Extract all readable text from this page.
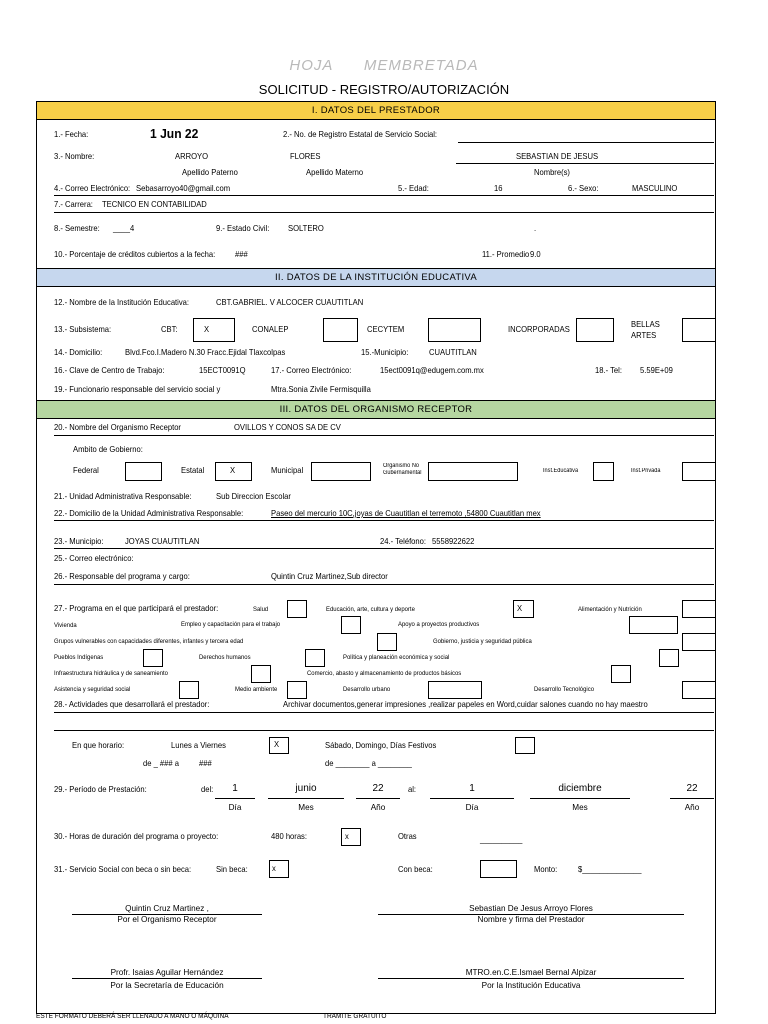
HOJA      MEMBRETADA
SOLICITUD - REGISTRO/AUTORIZACIÓN
I. DATOS DEL PRESTADOR
II. DATOS DE LA INSTITUCIÓN EDUCATIVA
III. DATOS DEL ORGANISMO RECEPTOR
1.- Fecha:	1 Jun 22	2.- No. de Registro Estatal de Servicio Social:
3.- Nombre:	ARROYO	FLORES	SEBASTIAN DE JESUS
Apellido Paterno	Apellido Materno	Nombre(s)
4.- Correo Electrónico: Sebasarroyo40@gmail.com	5.- Edad:	16	6.- Sexo:	MASCULINO
7.- Carrera: TECNICO EN CONTABILIDAD
8.- Semestre: ____4	9.- Estado Civil: SOLTERO	.
10.- Porcentaje de créditos cubiertos a la fecha: ###	11.- Promedio 9.0
12.- Nombre de la Institución Educativa:	CBT.GABRIEL. V ALCOCER CUAUTITLAN
13.- Subsistema:	CBT:	X	CONALEP	CECYTEM	INCORPORADAS
BELLAS
ARTES
14.- Domicilio:	Blvd.Fco.I.Madero N.30 Fracc.Ejidal Tlaxcolpas	15.-Municipio:	CUAUTITLAN
16.- Clave de Centro de Trabajo:	15ECT0091Q	17.- Correo Electrónico:	15ect0091q@edugem.com.mx	18.- Tel: 5.59E+09
19.- Funcionario responsable del servicio social y	Mtra.Sonia Zivile Fermisquilla
20.- Nombre del Organismo Receptor	OVILLOS Y CONOS SA DE CV
Ambito de Gobierno:
Federal	Estatal	X	Municipal	Organismo No
Gubernamental	Inst.Educativa	Inst.Privada
21.- Unidad Administrativa Responsable:	Sub Direccion Escolar
22.- Domicilio de la Unidad Administrativa Responsable:	Paseo del mercurio 10C,joyas de Cuautitlan el terremoto ,54800 Cuautitlan mex
23.- Municipio:	JOYAS CUAUTITLAN	24.- Teléfono: 5558922622
25.- Correo electrónico:
26.- Responsable del programa y cargo:	Quintin Cruz Martinez,Sub director
27.- Programa en el que participará el prestador:	Salud	Educación, arte, cultura y deporte	X	Alimentación y Nutrición
Vivienda	Empleo y capacitación para el trabajo	Apoyo a proyectos productivos
Grupos vulnerables con capacidades diferentes, infantes y tercera edad	Gobierno, justicia y seguridad pública
Pueblos Indígenas	Derechos humanos	Política y planeación económica y social
Infraestructura hidráulica y de saneamiento	Comercio, abasto y almacenamiento de productos básicos
Asistencia y seguridad social	Medio ambiente	Desarrollo urbano	Desarrollo Tecnológico
28.- Actividades que desarrollará el prestador:	Archivar documentos,generar impresiones ,realizar papeles en Word,cuidar salones cuando no hay maestro
En que horario:	Lunes a Viernes	X	Sábado, Domingo, Días Festivos
de _ ### a ###	de ________ a ________
29.- Período de Prestación:	del:	1	junio	22	al:	1	diciembre	22
Día	Mes	Año	Día	Mes	Año
30.- Horas de duración del programa o proyecto:	480 horas:	x	Otras	__________
31.- Servicio Social con beca o sin beca:	Sin beca:	x	Con beca:	Monto:	$______________
Quintin Cruz Martinez ,
Por el Organismo Receptor
Sebastian De Jesus Arroyo Flores
Nombre y firma del Prestador
Profr. Isaias Aguilar Hernández
Por la Secretaría de Educación
MTRO.en.C.E.Ismael Bernal Alpizar
Por la Institución Educativa
ESTE FORMATO DEBERÁ SER LLENADO A MANO O MÁQUINA	TRAMITE GRATUITO
